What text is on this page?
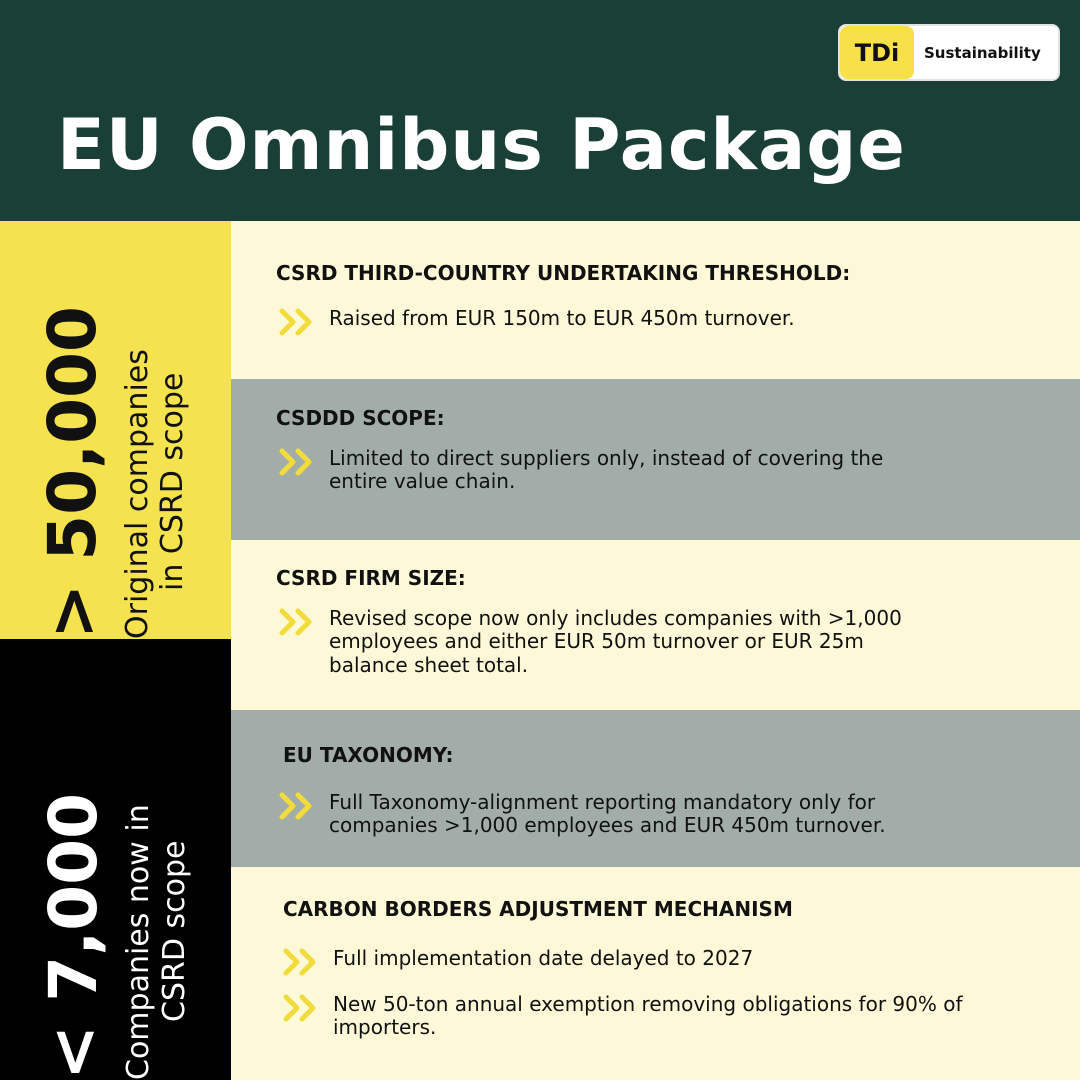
TDi	Sustainability
EU Omnibus Package
> 50,000 Original companies in CSRD scope
< 7,000 Companies now in CSRD scope
CSRD THIRD-COUNTRY UNDERTAKING THRESHOLD:
Raised from EUR 150m to EUR 450m turnover.
CSDDD SCOPE:
Limited to direct suppliers only, instead of covering the entire value chain.
CSRD FIRM SIZE:
Revised scope now only includes companies with >1,000 employees and either EUR 50m turnover or EUR 25m balance sheet total.
EU TAXONOMY:
Full Taxonomy-alignment reporting mandatory only for companies >1,000 employees and EUR 450m turnover.
CARBON BORDERS ADJUSTMENT MECHANISM
Full implementation date delayed to 2027
New 50-ton annual exemption removing obligations for 90% of importers.
